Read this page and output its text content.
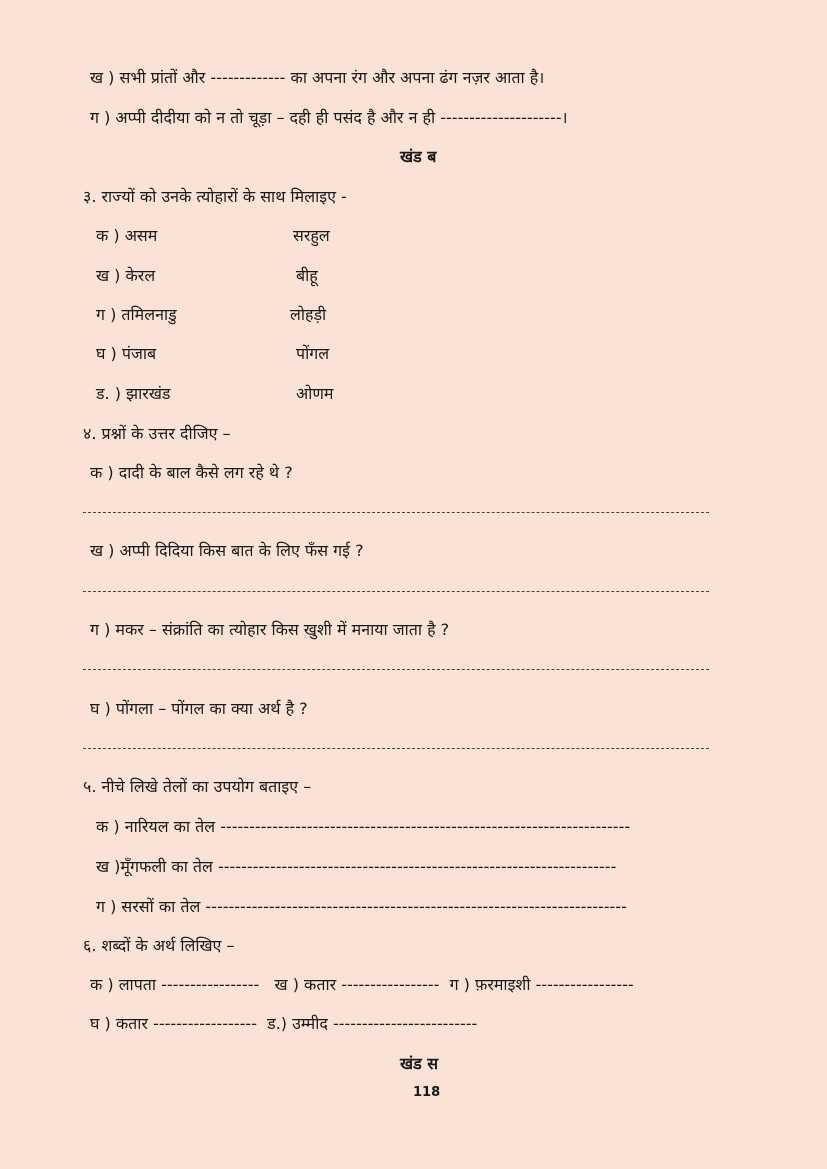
ख ) सभी प्रांतों और ------------- का अपना रंग और अपना ढंग नज़र आता है।
ग ) अप्पी दीदीया को न तो चूड़ा – दही ही पसंद है और न ही ---------------------।
खंड ब
३. राज्यों को उनके त्योहारों के साथ मिलाइए -
क ) असम	सरहुल
ख ) केरल	बीहू
ग ) तमिलनाडु	लोहड़ी
घ ) पंजाब	पोंगल
ड. ) झारखंड	ओणम
४. प्रश्नों के उत्तर दीजिए –
क ) दादी के बाल कैसे लग रहे थे ?
ख ) अप्पी दिदिया किस बात के लिए फँस गई ?
ग ) मकर – संक्रांति का त्योहार किस खुशी में मनाया जाता है ?
घ ) पोंगला – पोंगल का क्या अर्थ है ?
५. नीचे लिखे तेलों का उपयोग बताइए –
क ) नारियल का तेल -----------------------------------------------------------------------
ख )मूँगफली का तेल ---------------------------------------------------------------------
ग ) सरसों का तेल -------------------------------------------------------------------------
६. शब्दों के अर्थ लिखिए –
क ) लापता ----------------- ख ) कतार ----------------- ग ) फ़रमाइशी -----------------
घ ) कतार ------------------ ड.) उम्मीद -------------------------
खंड स
118
